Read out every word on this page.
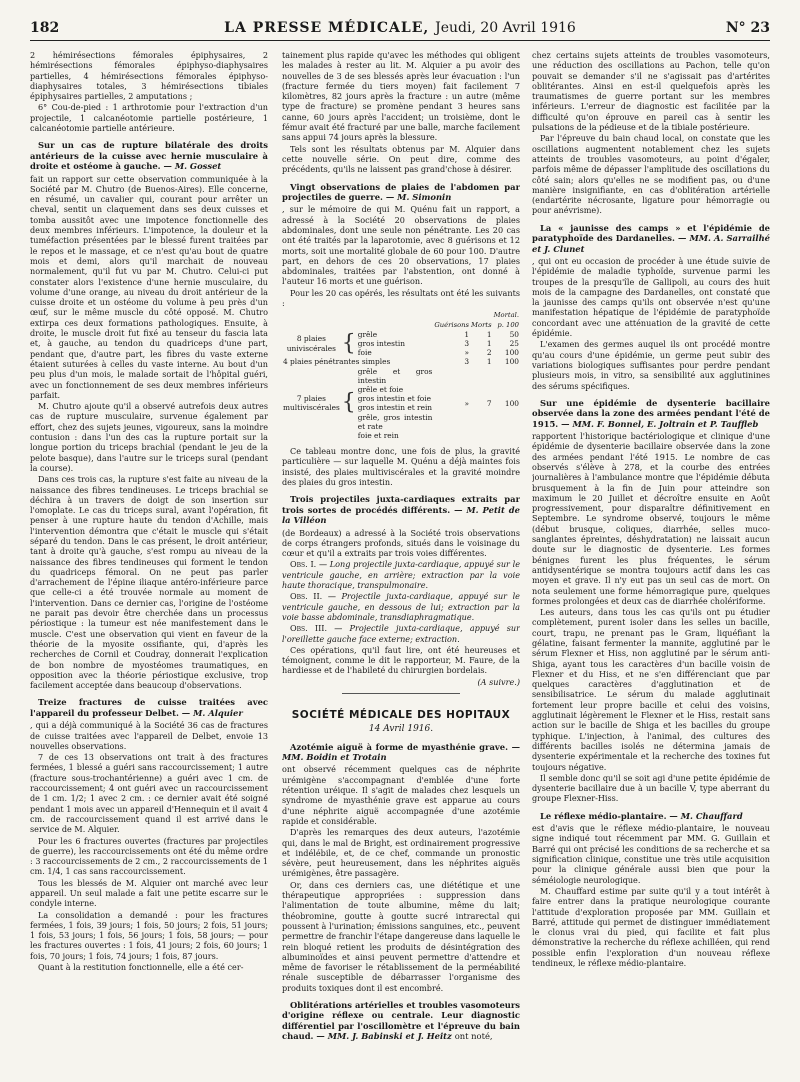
182	LA PRESSE MÉDICALE, Jeudi, 20 Avril 1916	N° 23

2 hémirésections fémorales épiphysaires, 2 hémirésections fémorales épiphyso-diaphysaires partielles, 4 hémirésections fémorales épiphyso-diaphysaires totales, 3 hémirésections tibiales épiphysaires partielles, 2 amputations ;

6° Cou-de-pied : 1 arthrotomie pour l'extraction d'un projectile, 1 calcanéotomie partielle postérieure, 1 calcanéotomie partielle antérieure.

Sur un cas de rupture bilatérale des droits antérieurs de la cuisse avec hernie musculaire à droite et ostéome à gauche. — M. Gosset

fait un rapport sur cette observation communiquée à la Société par M. Chutro (de Buenos-Aires). Elle concerne, en résumé, un cavalier qui, courant pour arrêter un cheval, sentit un claquement dans ses deux cuisses et tomba aussitôt avec une impotence fonctionnelle des deux membres inférieurs. L'impotence, la douleur et la tuméfaction présentées par le blessé furent traitées par le repos et le massage, et ce n'est qu'au bout de quatre mois et demi, alors qu'il marchait de nouveau normalement, qu'il fut vu par M. Chutro. Celui-ci put constater alors l'existence d'une hernie musculaire, du volume d'une orange, au niveau du droit antérieur de la cuisse droite et un ostéome du volume à peu près d'un œuf, sur le même muscle du côté opposé. M. Chutro extirpa ces deux formations pathologiques. Ensuite, à droite, le muscle droit fut fixé au tenseur du fascia lata et, à gauche, au tendon du quadriceps d'une part, pendant que, d'autre part, les fibres du vaste externe étaient suturées à celles du vaste interne. Au bout d'un peu plus d'un mois, le malade sortait de l'hôpital guéri, avec un fonctionnement de ses deux membres inférieurs parfait.

M. Chutro ajoute qu'il a observé autrefois deux autres cas de rupture musculaire, survenue également par effort, chez des sujets jeunes, vigoureux, sans la moindre contusion : dans l'un des cas la rupture portait sur la longue portion du triceps brachial (pendant le jeu de la pelote basque), dans l'autre sur le triceps sural (pendant la course).

Dans ces trois cas, la rupture s'est faite au niveau de la naissance des fibres tendineuses. Le triceps brachial se déchira à un travers de doigt de son insertion sur l'omoplate. Le cas du triceps sural, avant l'opération, fit penser à une rupture haute du tendon d'Achille, mais l'intervention démontra que c'était le muscle qui s'était séparé du tendon. Dans le cas présent, le droit antérieur, tant à droite qu'à gauche, s'est rompu au niveau de la naissance des fibres tendineuses qui forment le tendon du quadriceps fémoral. On ne peut pas parler d'arrachement de l'épine iliaque antéro-inférieure parce que celle-ci a été trouvée normale au moment de l'intervention. Dans ce dernier cas, l'origine de l'ostéome ne parait pas devoir être cherchée dans un processus périostique : la tumeur est née manifestement dans le muscle. C'est une observation qui vient en faveur de la théorie de la myosite ossifiante, qui, d'après les recherches de Cornil et Coudray, donnerait l'explication de bon nombre de myostéomes traumatiques, en opposition avec la théorie périostique exclusive, trop facilement acceptée dans beaucoup d'observations.

Treize fractures de cuisse traitées avec l'appareil du professeur Delbet. — M. Alquier

, qui a déjà communiqué à la Société 36 cas de fractures de cuisse traitées avec l'appareil de Delbet, envoie 13 nouvelles observations.

7 de ces 13 observations ont trait à des fractures fermées, 1 blessé a guéri sans raccourcissement; 1 autre (fracture sous-trochantérienne) a guéri avec 1 cm. de raccourcissement; 4 ont guéri avec un raccourcissement de 1 cm. 1/2; 1 avec 2 cm. : ce dernier avait été soigné pendant 1 mois avec un appareil d'Hennequin et il avait 4 cm. de raccourcissement quand il est arrivé dans le service de M. Alquier.

Pour les 6 fractures ouvertes (fractures par projectiles de guerre), les raccourcissements ont été du même ordre : 3 raccourcissements de 2 cm., 2 raccourcissements de 1 cm. 1/4, 1 cas sans raccourcissement.

Tous les blessés de M. Alquier ont marché avec leur appareil. Un seul malade a fait une petite escarre sur le condyle interne.

La consolidation a demandé : pour les fractures fermées, 1 fois, 39 jours; 1 fois, 50 jours; 2 fois, 51 jours; 1 fois, 53 jours; 1 fois, 56 jours; 1 fois, 58 jours; — pour les fractures ouvertes : 1 fois, 41 jours; 2 fois, 60 jours; 1 fois, 70 jours; 1 fois, 74 jours; 1 fois, 87 jours.

Quant à la restitution fonctionnelle, elle a été cer-

tainement plus rapide qu'avec les méthodes qui obligent les malades à rester au lit. M. Alquier a pu avoir des nouvelles de 3 de ses blessés après leur évacuation : l'un (fracture fermée du tiers moyen) fait facilement 7 kilomètres, 82 jours après la fracture : un autre (même type de fracture) se promène pendant 3 heures sans canne, 60 jours après l'accident; un troisième, dont le fémur avait été fracturé par une balle, marche facilement sans appui 74 jours après la blessure.

Tels sont les résultats obtenus par M. Alquier dans cette nouvelle série. On peut dire, comme des précédents, qu'ils ne laissent pas grand'chose à désirer.

Vingt observations de plaies de l'abdomen par projectiles de guerre. — M. Simonin

, sur le mémoire de qui M. Quénu fait un rapport, a adressé à la Société 20 observations de plaies abdominales, dont une seule non pénétrante. Les 20 cas ont été traités par la laparotomie, avec 8 guérisons et 12 morts, soit une mortalité globale de 60 pour 100. D'autre part, en dehors de ces 20 observations, 17 plaies abdominales, traitées par l'abstention, ont donné à l'auteur 16 morts et une guérison.

Pour les 20 cas opérés, les résultats ont été les suivants :

					Mortal.
			Guérisons	Morts	p. 100
8 plaies univiscérales	{	grêle	1	1	50
		gros intestin	3	1	25
		foie	»	2	100
4 plaies pénétrantes simples			3	1	100
7 plaies multiviscérales	{	grêle et gros intestin	»	7	100
		grêle et foie			
		gros intestin et foie			
		gros intestin et rein			
		grêle, gros intestin et rate			
		foie et rein			

Ce tableau montre donc, une fois de plus, la gravité particulière — sur laquelle M. Quénu a déjà maintes fois insisté, des plaies multiviscérales et la gravité moindre des plaies du gros intestin.

Trois projectiles juxta-cardiaques extraits par trois sortes de procédés différents. — M. Petit de la Villéon

(de Bordeaux) a adressé à la Société trois observations de corps étrangers profonds, situés dans le voisinage du cœur et qu'il a extraits par trois voies différentes.

Obs. I. — Long projectile juxta-cardiaque, appuyé sur le ventricule gauche, en arrière; extraction par la voie haute thoracique, transpulmonaire.

Obs. II. — Projectile juxta-cardiaque, appuyé sur le ventricule gauche, en dessous de lui; extraction par la voie basse abdominale, transdiaphragmatique.

Obs. III. — Projectile juxta-cardiaque, appuyé sur l'oreillette gauche face externe; extraction.

Ces opérations, qu'il faut lire, ont été heureuses et témoignent, comme le dit le rapporteur, M. Faure, de la hardiesse et de l'habileté du chirurgien bordelais.

(A suivre.)

SOCIÉTÉ MÉDICALE DES HOPITAUX
14 Avril 1916.
Azotémie aiguë à forme de myasthénie grave. — MM. Boidin et Trotain

ont observé récemment quelques cas de néphrite urémigène s'accompagnant d'emblée d'une forte rétention uréique. Il s'agit de malades chez lesquels un syndrome de myasthénie grave est apparue au cours d'une néphrite aiguë accompagnée d'une azotémie rapide et considérable.

D'après les remarques des deux auteurs, l'azotémie qui, dans le mal de Bright, est ordinairement progressive et indélébile, et, de ce chef, commande un pronostic sévère, peut heureusement, dans les néphrites aiguës urémigènes, être passagère.

Or, dans ces derniers cas, une diététique et une thérapeutique appropriées : suppression dans l'alimentation de toute albumine, même du lait; théobromine, goutte à goutte sucré intrarectal qui poussent à l'urination; émissions sanguines, etc., peuvent permettre de franchir l'étape dangereuse dans laquelle le rein bloqué retient les produits de désintégration des albuminoïdes et ainsi peuvent permettre d'attendre et même de favoriser le rétablissement de la perméabilité rénale susceptible de débarrasser l'organisme des produits toxiques dont il est encombré.

Oblitérations artérielles et troubles vasomoteurs d'origine réflexe ou centrale. Leur diagnostic différentiel par l'oscillomètre et l'épreuve du bain chaud. — MM. J. Babinski et J. Heitz ont noté,

chez certains sujets atteints de troubles vasomoteurs, une réduction des oscillations au Pachon, telle qu'on pouvait se demander s'il ne s'agissait pas d'artérites oblitérantes. Ainsi en est-il quelquefois après les traumatismes de guerre portant sur les membres inférieurs. L'erreur de diagnostic est facilitée par la difficulté qu'on éprouve en pareil cas à sentir les pulsations de la pédieuse et de la tibiale postérieure.

Par l'épreuve du bain chaud local, on constate que les oscillations augmentent notablement chez les sujets atteints de troubles vasomoteurs, au point d'égaler, parfois même de dépasser l'amplitude des oscillations du côté sain; alors qu'elles ne se modifient pas, ou d'une manière insignifiante, en cas d'oblitération artérielle (endartérite nécrosante, ligature pour hémorragie ou pour anévrisme).

La « jaunisse des camps » et l'épidémie de paratyphoïde des Dardanelles. — MM. A. Sarrailhé et J. Clunet

, qui ont eu occasion de procéder à une étude suivie de l'épidémie de maladie typhoïde, survenue parmi les troupes de la presqu'île de Gallipoli, au cours des huit mois de la campagne des Dardanelles, ont constaté que la jaunisse des camps qu'ils ont observée n'est qu'une manifestation hépatique de l'épidémie de paratyphoïde concordant avec une atténuation de la gravité de cette épidémie.

L'examen des germes auquel ils ont procédé montre qu'au cours d'une épidémie, un germe peut subir des variations biologiques suffisantes pour perdre pendant plusieurs mois, in vitro, sa sensibilité aux agglutinines des sérums spécifiques.

Sur une épidémie de dysenterie bacillaire observée dans la zone des armées pendant l'été de 1915. — MM. F. Bonnel, E. Joltrain et P. Tauffleb

rapportent l'historique bactériologique et clinique d'une épidémie de dysenterie bacillaire observée dans la zone des armées pendant l'été 1915. Le nombre de cas observés s'élève à 278, et la courbe des entrées journalières à l'ambulance montre que l'épidémie débuta brusquement à la fin de Juin pour atteindre son maximum le 20 Juillet et décroître ensuite en Août progressivement, pour disparaître définitivement en Septembre. Le syndrome observé, toujours le même (début brusque, coliques, diarrhée, selles muco-sanglantes épreintes, déshydratation) ne laissait aucun doute sur le diagnostic de dysenterie. Les formes bénignes furent les plus fréquentes, le sérum antidysentérique se montra toujours actif dans les cas moyen et grave. Il n'y eut pas un seul cas de mort. On nota seulement une forme hémorragique pure, quelques formes prolongées et deux cas de diarrhée cholériforme.

Les auteurs, dans tous les cas qu'ils ont pu étudier complètement, purent isoler dans les selles un bacille, court, trapu, ne prenant pas le Gram, liquéfiant la gélatine, faisant fermenter la mannite, agglutiné par le sérum Flexner et Hiss, non agglutiné par le sérum anti-Shiga, ayant tous les caractères d'un bacille voisin de Flexner et du Hiss, et ne s'en différenciant que par quelques caractères d'agglutination et de sensibilisatrice. Le sérum du malade agglutinait fortement leur propre bacille et celui des voisins, agglutinait légèrement le Flexner et le Hiss, restait sans action sur le bacille de Shiga et les bacilles du groupe typhique. L'injection, à l'animal, des cultures des différents bacilles isolés ne détermina jamais de dysenterie expérimentale et la recherche des toxines fut toujours négative.

Il semble donc qu'il se soit agi d'une petite épidémie de dysenterie bacillaire due à un bacille V, type aberrant du groupe Flexner-Hiss.

Le réflexe médio-plantaire. — M. Chauffard

est d'avis que le réflexe médio-plantaire, le nouveau signe indiqué tout récemment par MM. G. Guillain et Barré qui ont précisé les conditions de sa recherche et sa signification clinique, constitue une très utile acquisition pour la clinique générale aussi bien que pour la séméiologie neurologique.

M. Chauffard estime par suite qu'il y a tout intérêt à faire entrer dans la pratique neurologique courante l'attitude d'exploration proposée par MM. Guillain et Barré, attitude qui permet de distinguer immédiatement le clonus vrai du pied, qui facilite et fait plus démonstrative la recherche du réflexe achilléen, qui rend possible enfin l'exploration d'un nouveau réflexe tendineux, le réflexe médio-plantaire.
